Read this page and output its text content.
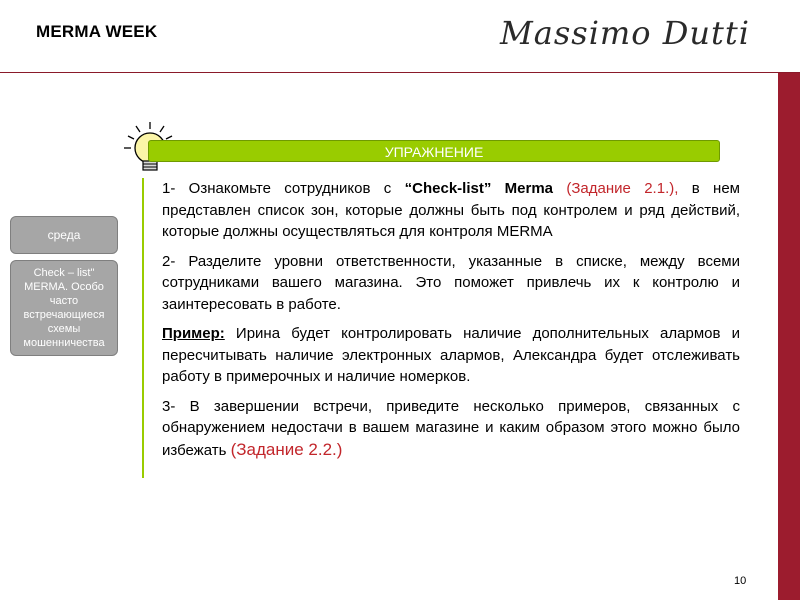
MERMA WEEK	Massimo Dutti
УПРАЖНЕНИЕ
среда
Check – list" MERMA. Особо часто встречающиеся схемы мошенничества

1- Ознакомьте сотрудников с “Check-list” Merma (Задание 2.1.), в нем представлен список зон, которые должны быть под контролем и ряд действий, которые должны осуществляться для контроля MERMA

2- Разделите уровни ответственности, указанные в списке, между всеми сотрудниками вашего магазина. Это поможет привлечь их к контролю и заинтересовать в работе.

Пример: Ирина будет контролировать наличие дополнительных алармов и пересчитывать наличие электронных алармов, Александра будет отслеживать работу в примерочных и наличие номерков.

3- В завершении встречи, приведите несколько примеров, связанных с обнаружением недостачи в вашем магазине и каким образом этого можно было избежать (Задание 2.2.)

10
